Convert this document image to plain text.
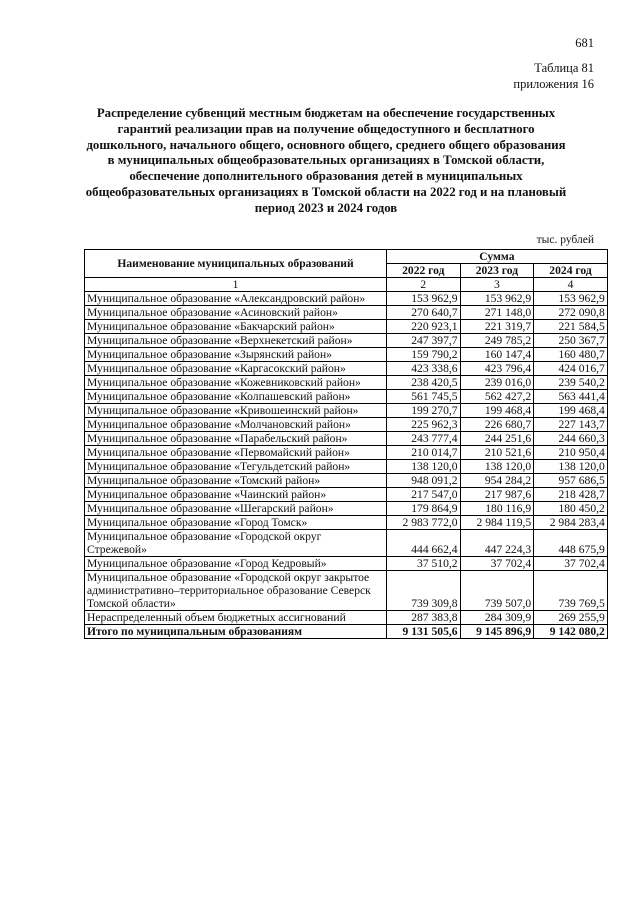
681
Таблица 81
приложения 16

Распределение субвенций местным бюджетам на обеспечение государственных гарантий реализации прав на получение общедоступного и бесплатного дошкольного, начального общего, основного общего, среднего общего образования в муниципальных общеобразовательных организациях в Томской области, обеспечение дополнительного образования детей в муниципальных общеобразовательных организациях в Томской области на 2022 год и на плановый период 2023 и 2024 годов

тыс. рублей
Наименование муниципальных образований	Сумма		
	2022 год	2023 год	2024 год
1	2	3	4
Муниципальное образование «Александровский район»	153 962,9	153 962,9	153 962,9
Муниципальное образование «Асиновский район»	270 640,7	271 148,0	272 090,8
Муниципальное образование «Бакчарский район»	220 923,1	221 319,7	221 584,5
Муниципальное образование «Верхнекетский район»	247 397,7	249 785,2	250 367,7
Муниципальное образование «Зырянский район»	159 790,2	160 147,4	160 480,7
Муниципальное образование «Каргасокский район»	423 338,6	423 796,4	424 016,7
Муниципальное образование «Кожевниковский район»	238 420,5	239 016,0	239 540,2
Муниципальное образование «Колпашевский район»	561 745,5	562 427,2	563 441,4
Муниципальное образование «Кривошеинский район»	199 270,7	199 468,4	199 468,4
Муниципальное образование «Молчановский район»	225 962,3	226 680,7	227 143,7
Муниципальное образование «Парабельский район»	243 777,4	244 251,6	244 660,3
Муниципальное образование «Первомайский район»	210 014,7	210 521,6	210 950,4
Муниципальное образование «Тегульдетский район»	138 120,0	138 120,0	138 120,0
Муниципальное образование «Томский район»	948 091,2	954 284,2	957 686,5
Муниципальное образование «Чаинский район»	217 547,0	217 987,6	218 428,7
Муниципальное образование «Шегарский район»	179 864,9	180 116,9	180 450,2
Муниципальное образование «Город Томск»	2 983 772,0	2 984 119,5	2 984 283,4
Муниципальное образование «Городской округ Стрежевой»	444 662,4	447 224,3	448 675,9
Муниципальное образование «Город Кедровый»	37 510,2	37 702,4	37 702,4
Муниципальное образование «Городской округ закрытое административно–территориальное образование Северск Томской области»	739 309,8	739 507,0	739 769,5
Нераспределенный объем бюджетных ассигнований	287 383,8	284 309,9	269 255,9
Итого по муниципальным образованиям	9 131 505,6	9 145 896,9	9 142 080,2
